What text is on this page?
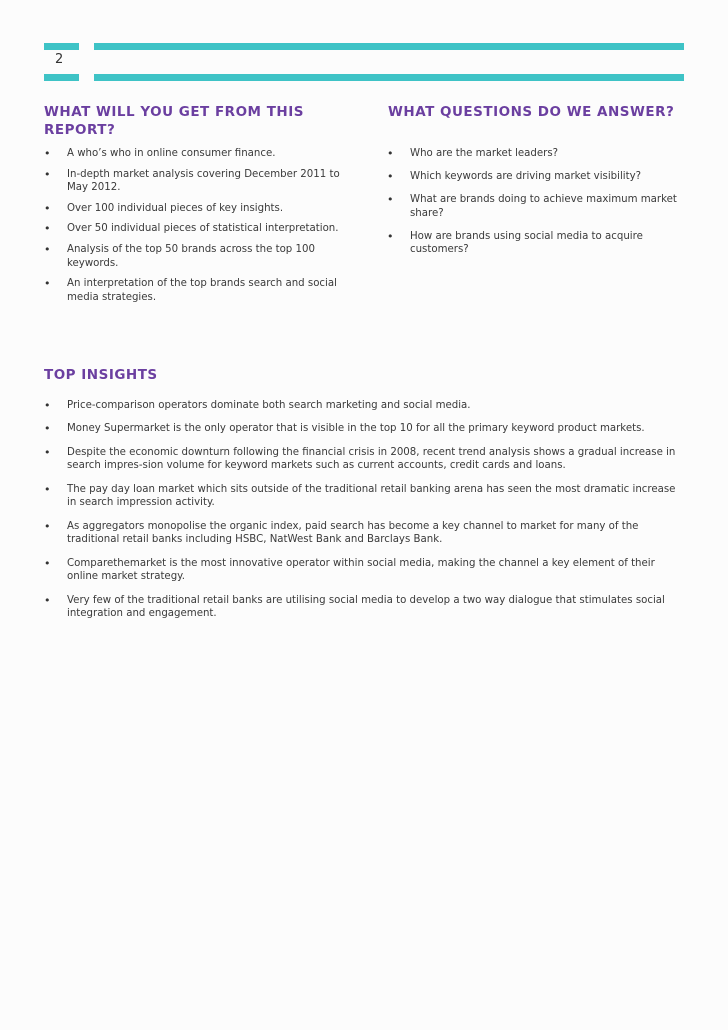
2
WHAT WILL YOU GET FROM THIS REPORT?
• A who’s who in online consumer finance.
• In-depth market analysis covering December 2011 to May 2012.
• Over 100 individual pieces of key insights.
• Over 50 individual pieces of statistical interpretation.
• Analysis of the top 50 brands across the top 100 keywords.
• An interpretation of the top brands search and social media strategies.
WHAT QUESTIONS DO WE ANSWER?
• Who are the market leaders?
• Which keywords are driving market visibility?
• What are brands doing to achieve maximum market share?
• How are brands using social media to acquire customers?
TOP INSIGHTS
• Price-comparison operators dominate both search marketing and social media.
• Money Supermarket is the only operator that is visible in the top 10 for all the primary keyword product markets.
• Despite the economic downturn following the financial crisis in 2008, recent trend analysis shows a gradual increase in search impres-sion volume for keyword markets such as current accounts, credit cards and loans.
• The pay day loan market which sits outside of the traditional retail banking arena has seen the most dramatic increase in search impression activity.
• As aggregators monopolise the organic index, paid search has become a key channel to market for many of the traditional retail banks including HSBC, NatWest Bank and Barclays Bank.
• Comparethemarket is the most innovative operator within social media, making the channel a key element of their online market strategy.
• Very few of the traditional retail banks are utilising social media to develop a two way dialogue that stimulates social integration and engagement.
